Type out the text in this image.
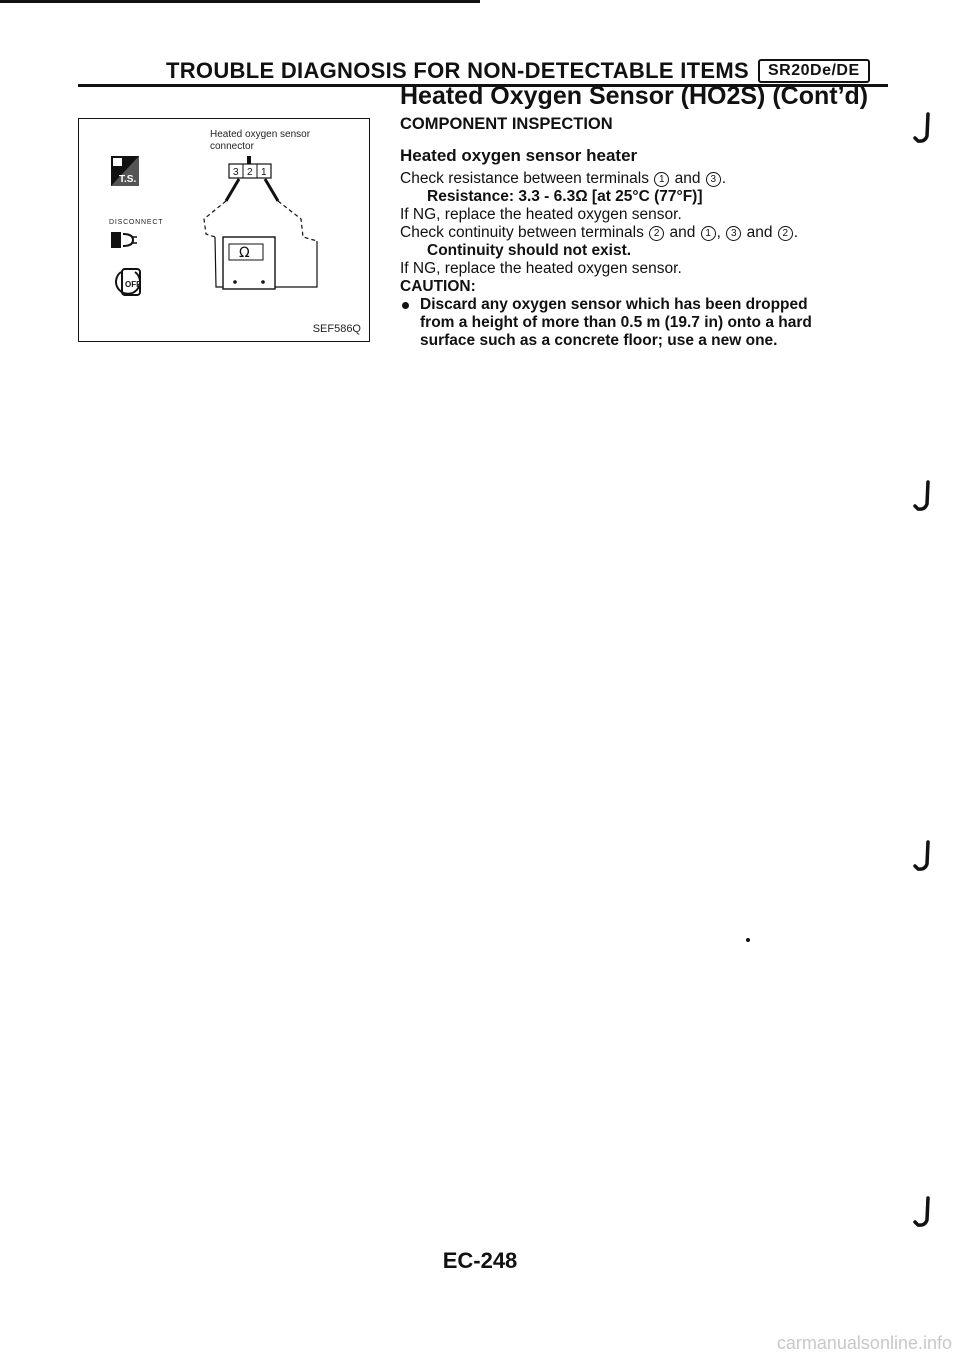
TROUBLE DIAGNOSIS FOR NON-DETECTABLE ITEMS	SR20De/DE
T.S.
OFF
3 2 1
Ω
Heated oxygen sensor
connector
DISCONNECT
SEF586Q
Heated Oxygen Sensor (HO2S) (Cont’d)
COMPONENT INSPECTION
Heated oxygen sensor heater
Check resistance between terminals 1 and 3 .
Resistance: 3.3 - 6.3Ω [at 25°C (77°F)]
If NG, replace the heated oxygen sensor.
Check continuity between terminals 2 and 1 , 3 and 2 .
Continuity should not exist.
If NG, replace the heated oxygen sensor.
CAUTION:
Discard any oxygen sensor which has been dropped
from a height of more than 0.5 m (19.7 in) onto a hard
surface such as a concrete floor; use a new one.
EC-248
carmanualsonline.info
